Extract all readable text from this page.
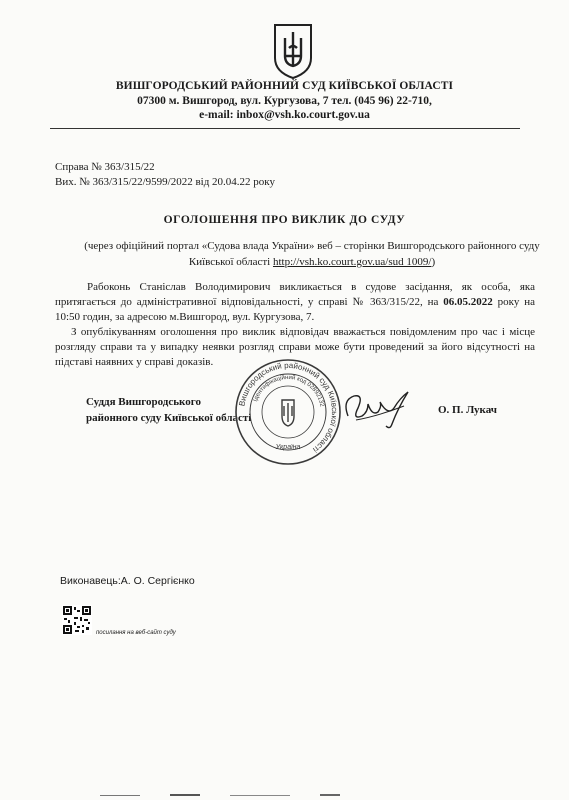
ВИШГОРОДСЬКИЙ РАЙОННИЙ СУД КИЇВСЬКОЇ ОБЛАСТІ
07300 м. Вишгород, вул. Кургузова, 7 тел. (045 96) 22-710,
e-mail: inbox@vsh.ko.court.gov.ua
Справа № 363/315/22
Вих. № 363/315/22/9599/2022 від 20.04.22 року
ОГОЛОШЕННЯ ПРО ВИКЛИК ДО СУДУ
(через офіційний портал «Судова влада України» веб – сторінки Вишгородського районного суду Київської області http://vsh.ko.court.gov.ua/sud 1009/)
Рабоконь Станіслав Володимирович викликається в судове засідання, як особа, яка притягається до адміністративної відповідальності, у справі № 363/315/22, на 06.05.2022 року на 10:50 годин, за адресою м.Вишгород, вул. Кургузова, 7.
З опублікуванням оголошення про виклик відповідач вважається повідомленим про час і місце розгляду справи та у випадку неявки розгляд справи може бути проведений за його відсутності на підставі наявних у справі доказів.
Суддя Вишгородського
районного суду Київської області
О. П. Лукач
Вишгородський районний суд Київської області
Ідентифікаційний код 02892132
Україна
Виконавець:А. О. Сергієнко
посилання на веб-сайт суду
